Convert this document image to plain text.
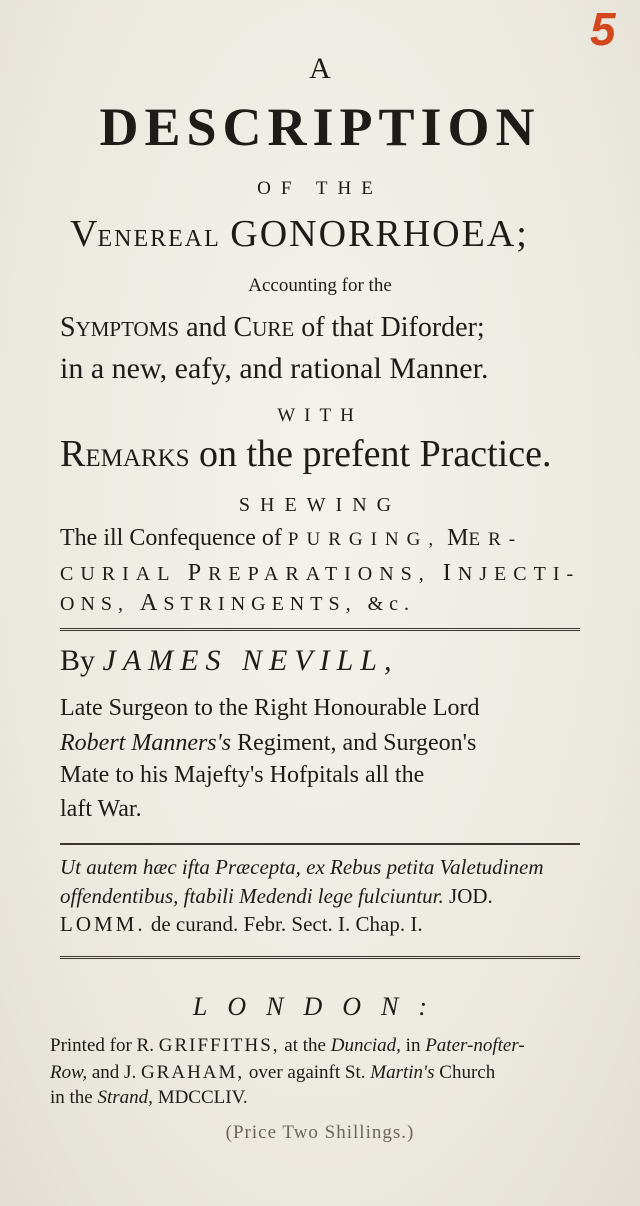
5
A
DESCRIPTION
OF THE
VENEREAL GONORRHOEA;
Accounting for the
SYMPTOMS and CURE of that Diforder;
in a new, eafy, and rational Manner.
WITH
REMARKS on the prefent Practice.
SHEWING
The ill Confequence of PURGING, MER-
CURIAL PREPARATIONS, INJECTI-
ONS, ASTRINGENTS, &c.
By JAMES NEVILL,
Late Surgeon to the Right Honourable Lord
Robert Manners's Regiment, and Surgeon's
Mate to his Majefty's Hofpitals all the
laft War.
Ut autem hæc ifta Præcepta, ex Rebus petita Valetudinem
offendentibus, ftabili Medendi lege fulciuntur. JOD.
LOMM. de curand. Febr. Sect. I. Chap. I.
LONDON:
Printed for R. GRIFFITHS, at the Dunciad, in Pater-nofter-
Row, and J. GRAHAM, over againft St. Martin's Church
in the Strand, MDCCLIV.
(Price Two Shillings.)
